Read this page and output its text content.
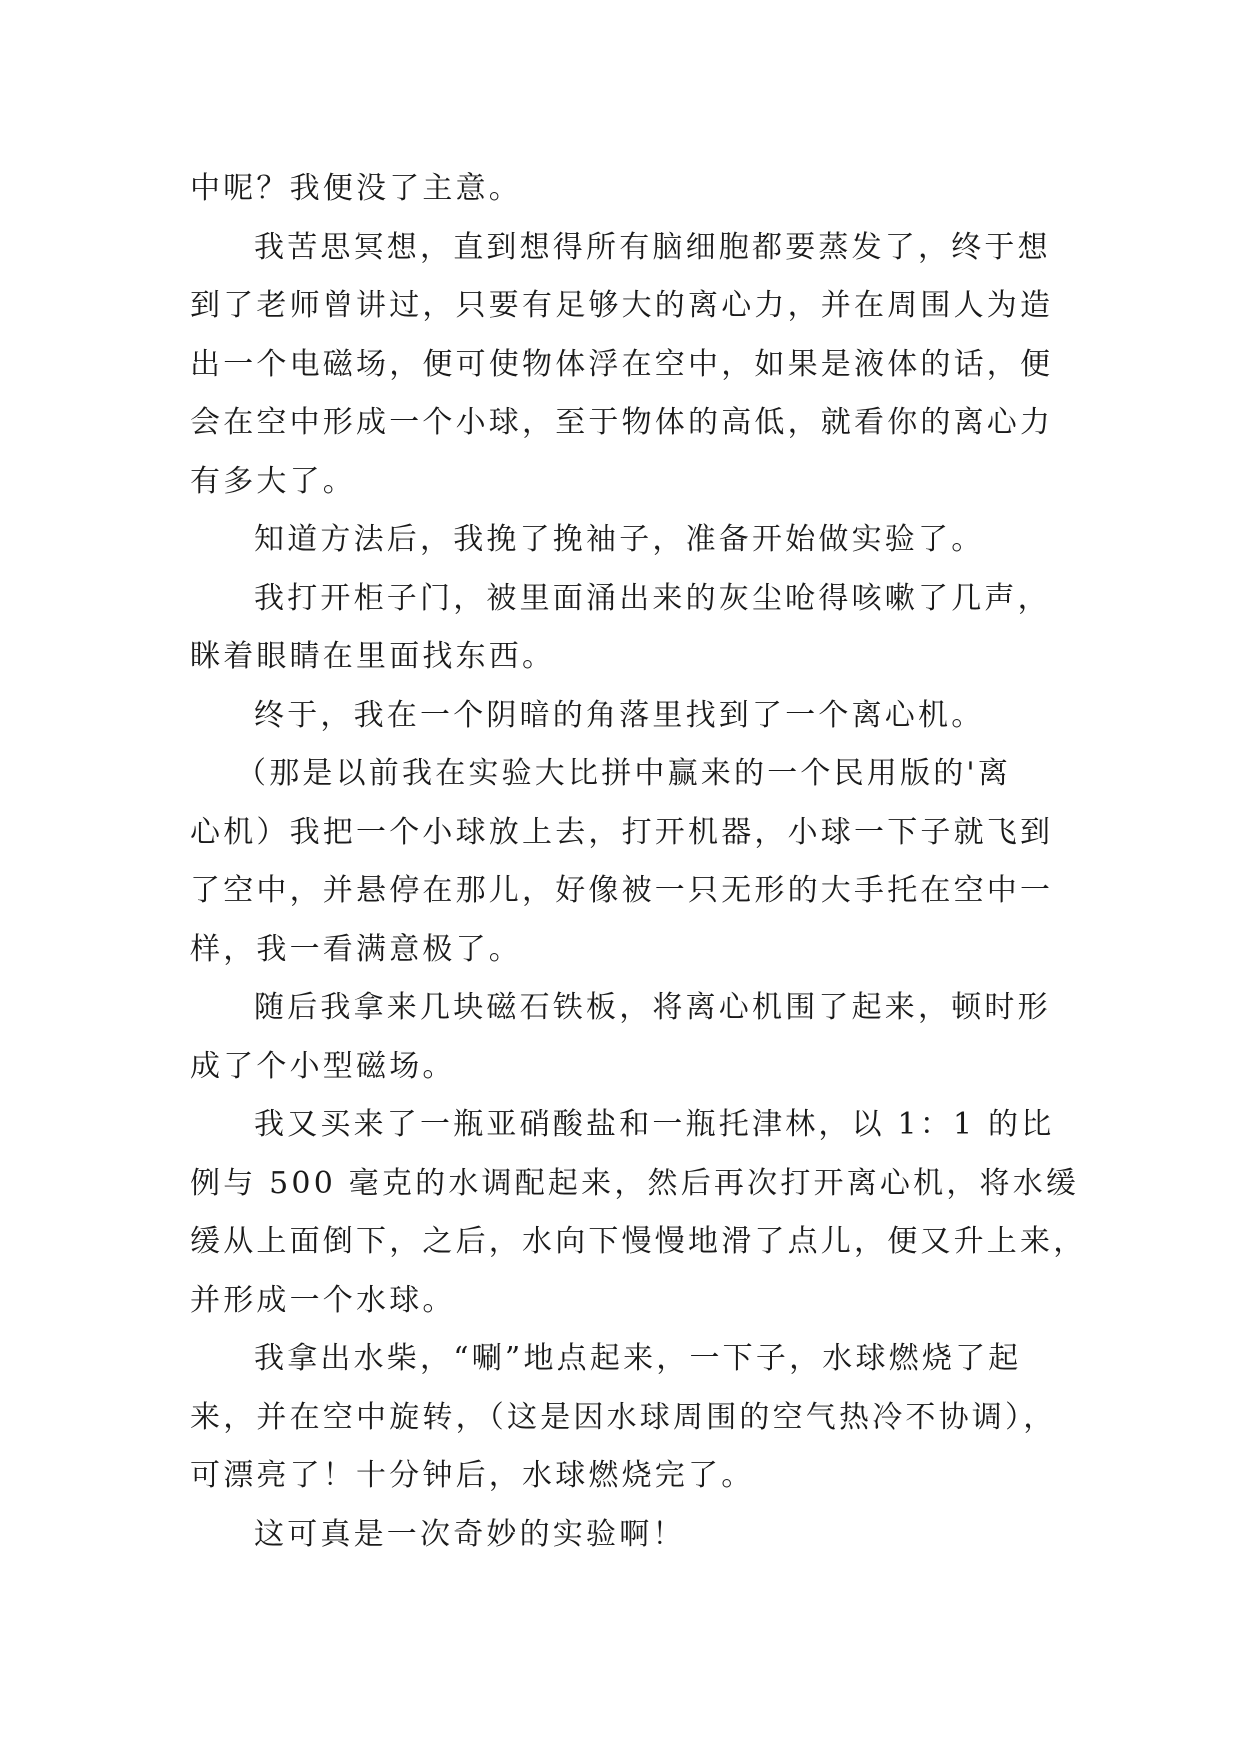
中呢？我便没了主意。
我苦思冥想，直到想得所有脑细胞都要蒸发了，终于想
到了老师曾讲过，只要有足够大的离心力，并在周围人为造
出一个电磁场，便可使物体浮在空中，如果是液体的话，便
会在空中形成一个小球，至于物体的高低，就看你的离心力
有多大了。
知道方法后，我挽了挽袖子，准备开始做实验了。
我打开柜子门，被里面涌出来的灰尘呛得咳嗽了几声，
眯着眼睛在里面找东西。
终于，我在一个阴暗的角落里找到了一个离心机。
（那是以前我在实验大比拼中赢来的一个民用版的'离
心机）我把一个小球放上去，打开机器，小球一下子就飞到
了空中，并悬停在那儿，好像被一只无形的大手托在空中一
样，我一看满意极了。
随后我拿来几块磁石铁板，将离心机围了起来，顿时形
成了个小型磁场。
我又买来了一瓶亚硝酸盐和一瓶托津林，以 1：1 的比
例与 500 毫克的水调配起来，然后再次打开离心机，将水缓
缓从上面倒下，之后，水向下慢慢地滑了点儿，便又升上来，
并形成一个水球。
我拿出水柴，“唰”地点起来，一下子，水球燃烧了起
来，并在空中旋转，（这是因水球周围的空气热冷不协调），
可漂亮了！十分钟后，水球燃烧完了。
这可真是一次奇妙的实验啊！
